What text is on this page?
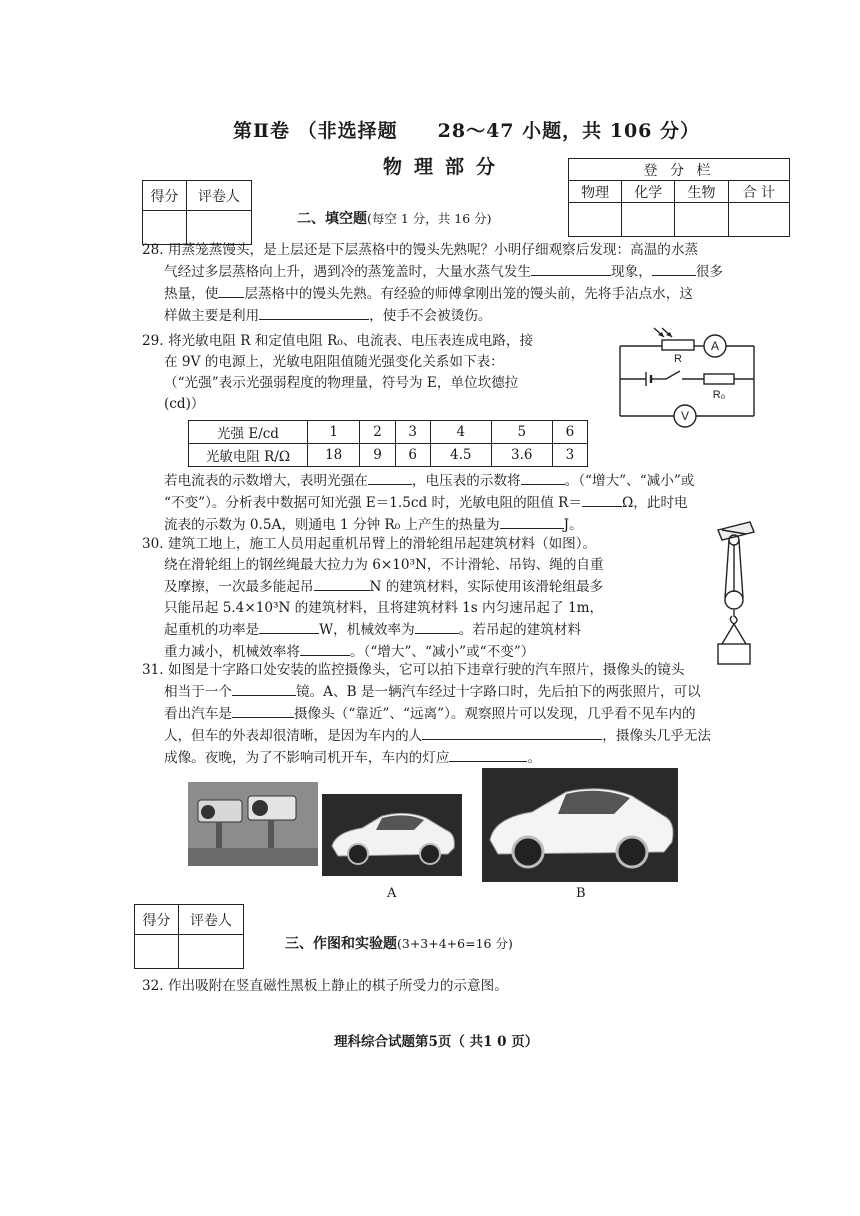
第Ⅱ卷 （非选择题　　28～47 小题，共 106 分）
物理部分	登 分 栏			
物理	化学	生物	合 计

得分	评卷人

二、填空题(每空 1 分，共 16 分)

28. 用蒸笼蒸馒头，是上层还是下层蒸格中的馒头先熟呢？小明仔细观察后发现：高温的水蒸

气经过多层蒸格向上升，遇到冷的蒸笼盖时，大量水蒸气发生	现象，	很多

热量，使 层蒸格中的馒头先熟。有经验的师傅拿刚出笼的馒头前，先将手沾点水，这

样做主要是利用	，使手不会被烫伤。

29. 将光敏电阻 R 和定值电阻 R₀、电流表、电压表连成电路，接

在 9V 的电源上，光敏电阻阻值随光强变化关系如下表：

（“光强”表示光强弱程度的物理量，符号为 E，单位坎德拉

(cd)）

A
V
R
R₀
光强 E/cd	1	2	3	4	5	6
光敏电阻 R/Ω	18	9	6	4.5	3.6	3

若电流表的示数增大，表明光强在	，电压表的示数将	。（“增大”、“减小”或

“不变”）。分析表中数据可知光强 E＝1.5cd 时，光敏电阻的阻值 R＝	Ω，此时电

流表的示数为 0.5A，则通电 1 分钟 R₀ 上产生的热量为	J。

30. 建筑工地上，施工人员用起重机吊臂上的滑轮组吊起建筑材料（如图）。

绕在滑轮组上的钢丝绳最大拉力为 6×10³N，不计滑轮、吊钩、绳的自重

及摩擦，一次最多能起吊	N 的建筑材料，实际使用该滑轮组最多

只能吊起 5.4×10³N 的建筑材料，且将建筑材料 1s 内匀速吊起了 1m，

起重机的功率是	W，机械效率为	。若吊起的建筑材料

重力减小，机械效率将	。（“增大”、“减小”或“不变”）

31. 如图是十字路口处安装的监控摄像头，它可以拍下违章行驶的汽车照片，摄像头的镜头

相当于一个	镜。A、B 是一辆汽车经过十字路口时，先后拍下的两张照片，可以

看出汽车是	摄像头（“靠近”、“远离”）。观察照片可以发现，几乎看不见车内的

人，但车的外表却很清晰，是因为车内的人	，摄像头几乎无法

成像。夜晚，为了不影响司机开车，车内的灯应	。

A	B
得分	评卷人

三、作图和实验题(3+3+4+6=16 分)

32. 作出吸附在竖直磁性黑板上静止的棋子所受力的示意图。

理科综合试题第5页（ 共1 0 页）
